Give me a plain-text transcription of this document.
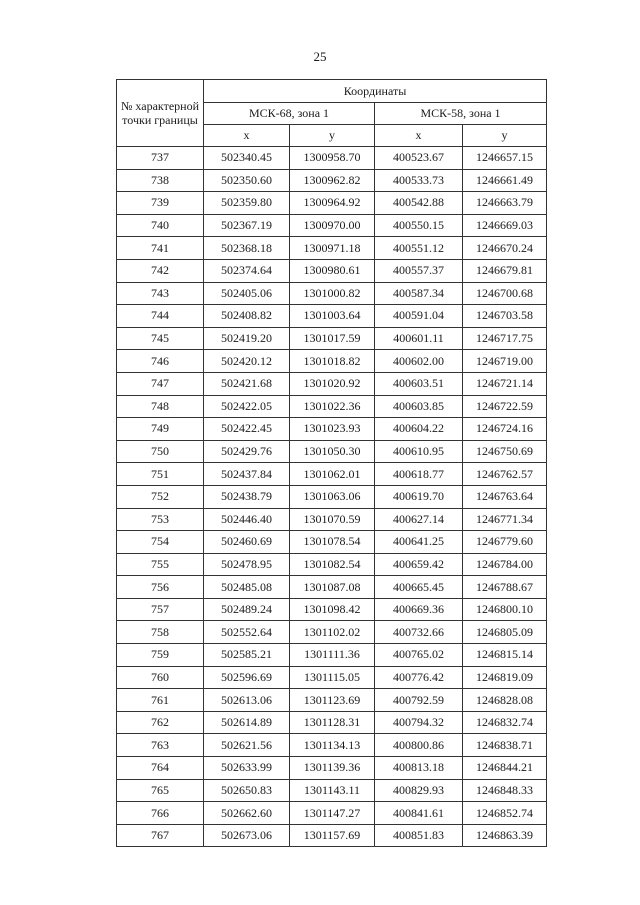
25
№ характерной точки границы	Координаты			
	МСК-68, зона 1		МСК-58, зона 1	
	x	y	x	y
737	502340.45	1300958.70	400523.67	1246657.15
738	502350.60	1300962.82	400533.73	1246661.49
739	502359.80	1300964.92	400542.88	1246663.79
740	502367.19	1300970.00	400550.15	1246669.03
741	502368.18	1300971.18	400551.12	1246670.24
742	502374.64	1300980.61	400557.37	1246679.81
743	502405.06	1301000.82	400587.34	1246700.68
744	502408.82	1301003.64	400591.04	1246703.58
745	502419.20	1301017.59	400601.11	1246717.75
746	502420.12	1301018.82	400602.00	1246719.00
747	502421.68	1301020.92	400603.51	1246721.14
748	502422.05	1301022.36	400603.85	1246722.59
749	502422.45	1301023.93	400604.22	1246724.16
750	502429.76	1301050.30	400610.95	1246750.69
751	502437.84	1301062.01	400618.77	1246762.57
752	502438.79	1301063.06	400619.70	1246763.64
753	502446.40	1301070.59	400627.14	1246771.34
754	502460.69	1301078.54	400641.25	1246779.60
755	502478.95	1301082.54	400659.42	1246784.00
756	502485.08	1301087.08	400665.45	1246788.67
757	502489.24	1301098.42	400669.36	1246800.10
758	502552.64	1301102.02	400732.66	1246805.09
759	502585.21	1301111.36	400765.02	1246815.14
760	502596.69	1301115.05	400776.42	1246819.09
761	502613.06	1301123.69	400792.59	1246828.08
762	502614.89	1301128.31	400794.32	1246832.74
763	502621.56	1301134.13	400800.86	1246838.71
764	502633.99	1301139.36	400813.18	1246844.21
765	502650.83	1301143.11	400829.93	1246848.33
766	502662.60	1301147.27	400841.61	1246852.74
767	502673.06	1301157.69	400851.83	1246863.39
